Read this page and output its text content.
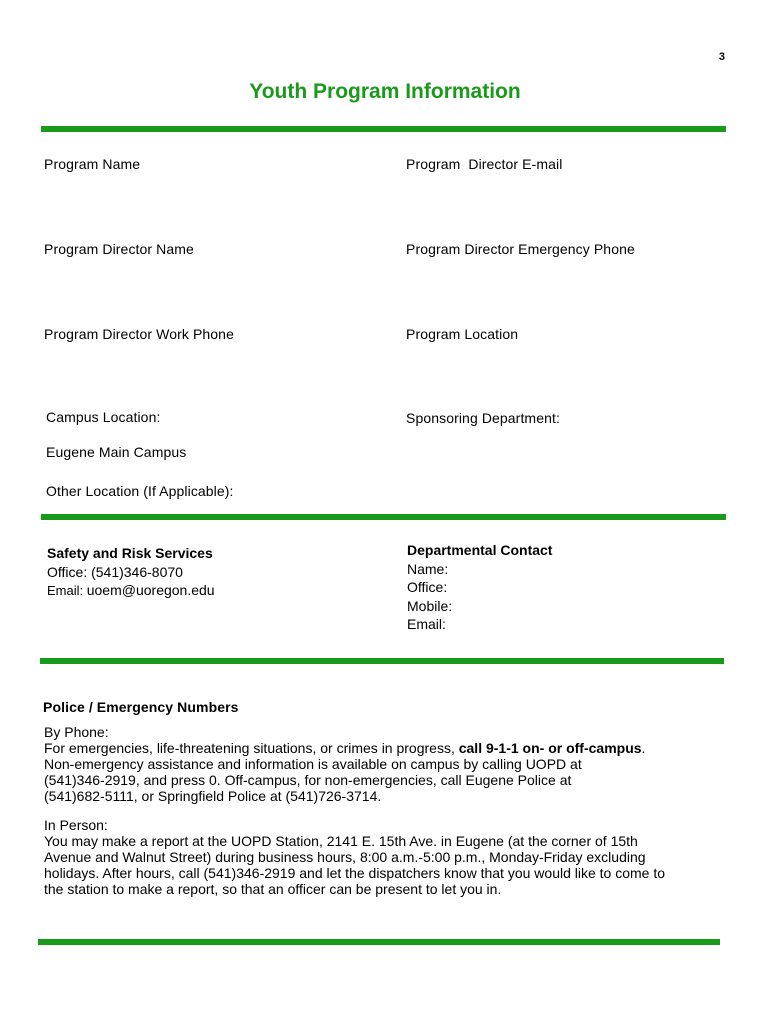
3
Youth Program Information
Program Name	Program  Director E-mail
Program Director Name	Program Director Emergency Phone
Program Director Work Phone	Program Location
Campus Location:	Sponsoring Department:
Eugene Main Campus
Other Location (If Applicable):
Safety and Risk Services
Office: (541)346-8070
Email: uoem@uoregon.edu
Departmental Contact
Name:
Office:
Mobile:
Email:
Police / Emergency Numbers

By Phone:

For emergencies, life-threatening situations, or crimes in progress, call 9-1-1 on- or off-campus.

Non-emergency assistance and information is available on campus by calling UOPD at

(541)346-2919, and press 0. Off-campus, for non-emergencies, call Eugene Police at

(541)682-5111, or Springfield Police at (541)726-3714.

In Person:

You may make a report at the UOPD Station, 2141 E. 15th Ave. in Eugene (at the corner of 15th

Avenue and Walnut Street) during business hours, 8:00 a.m.-5:00 p.m., Monday-Friday excluding

holidays. After hours, call (541)346-2919 and let the dispatchers know that you would like to come to

the station to make a report, so that an officer can be present to let you in.
